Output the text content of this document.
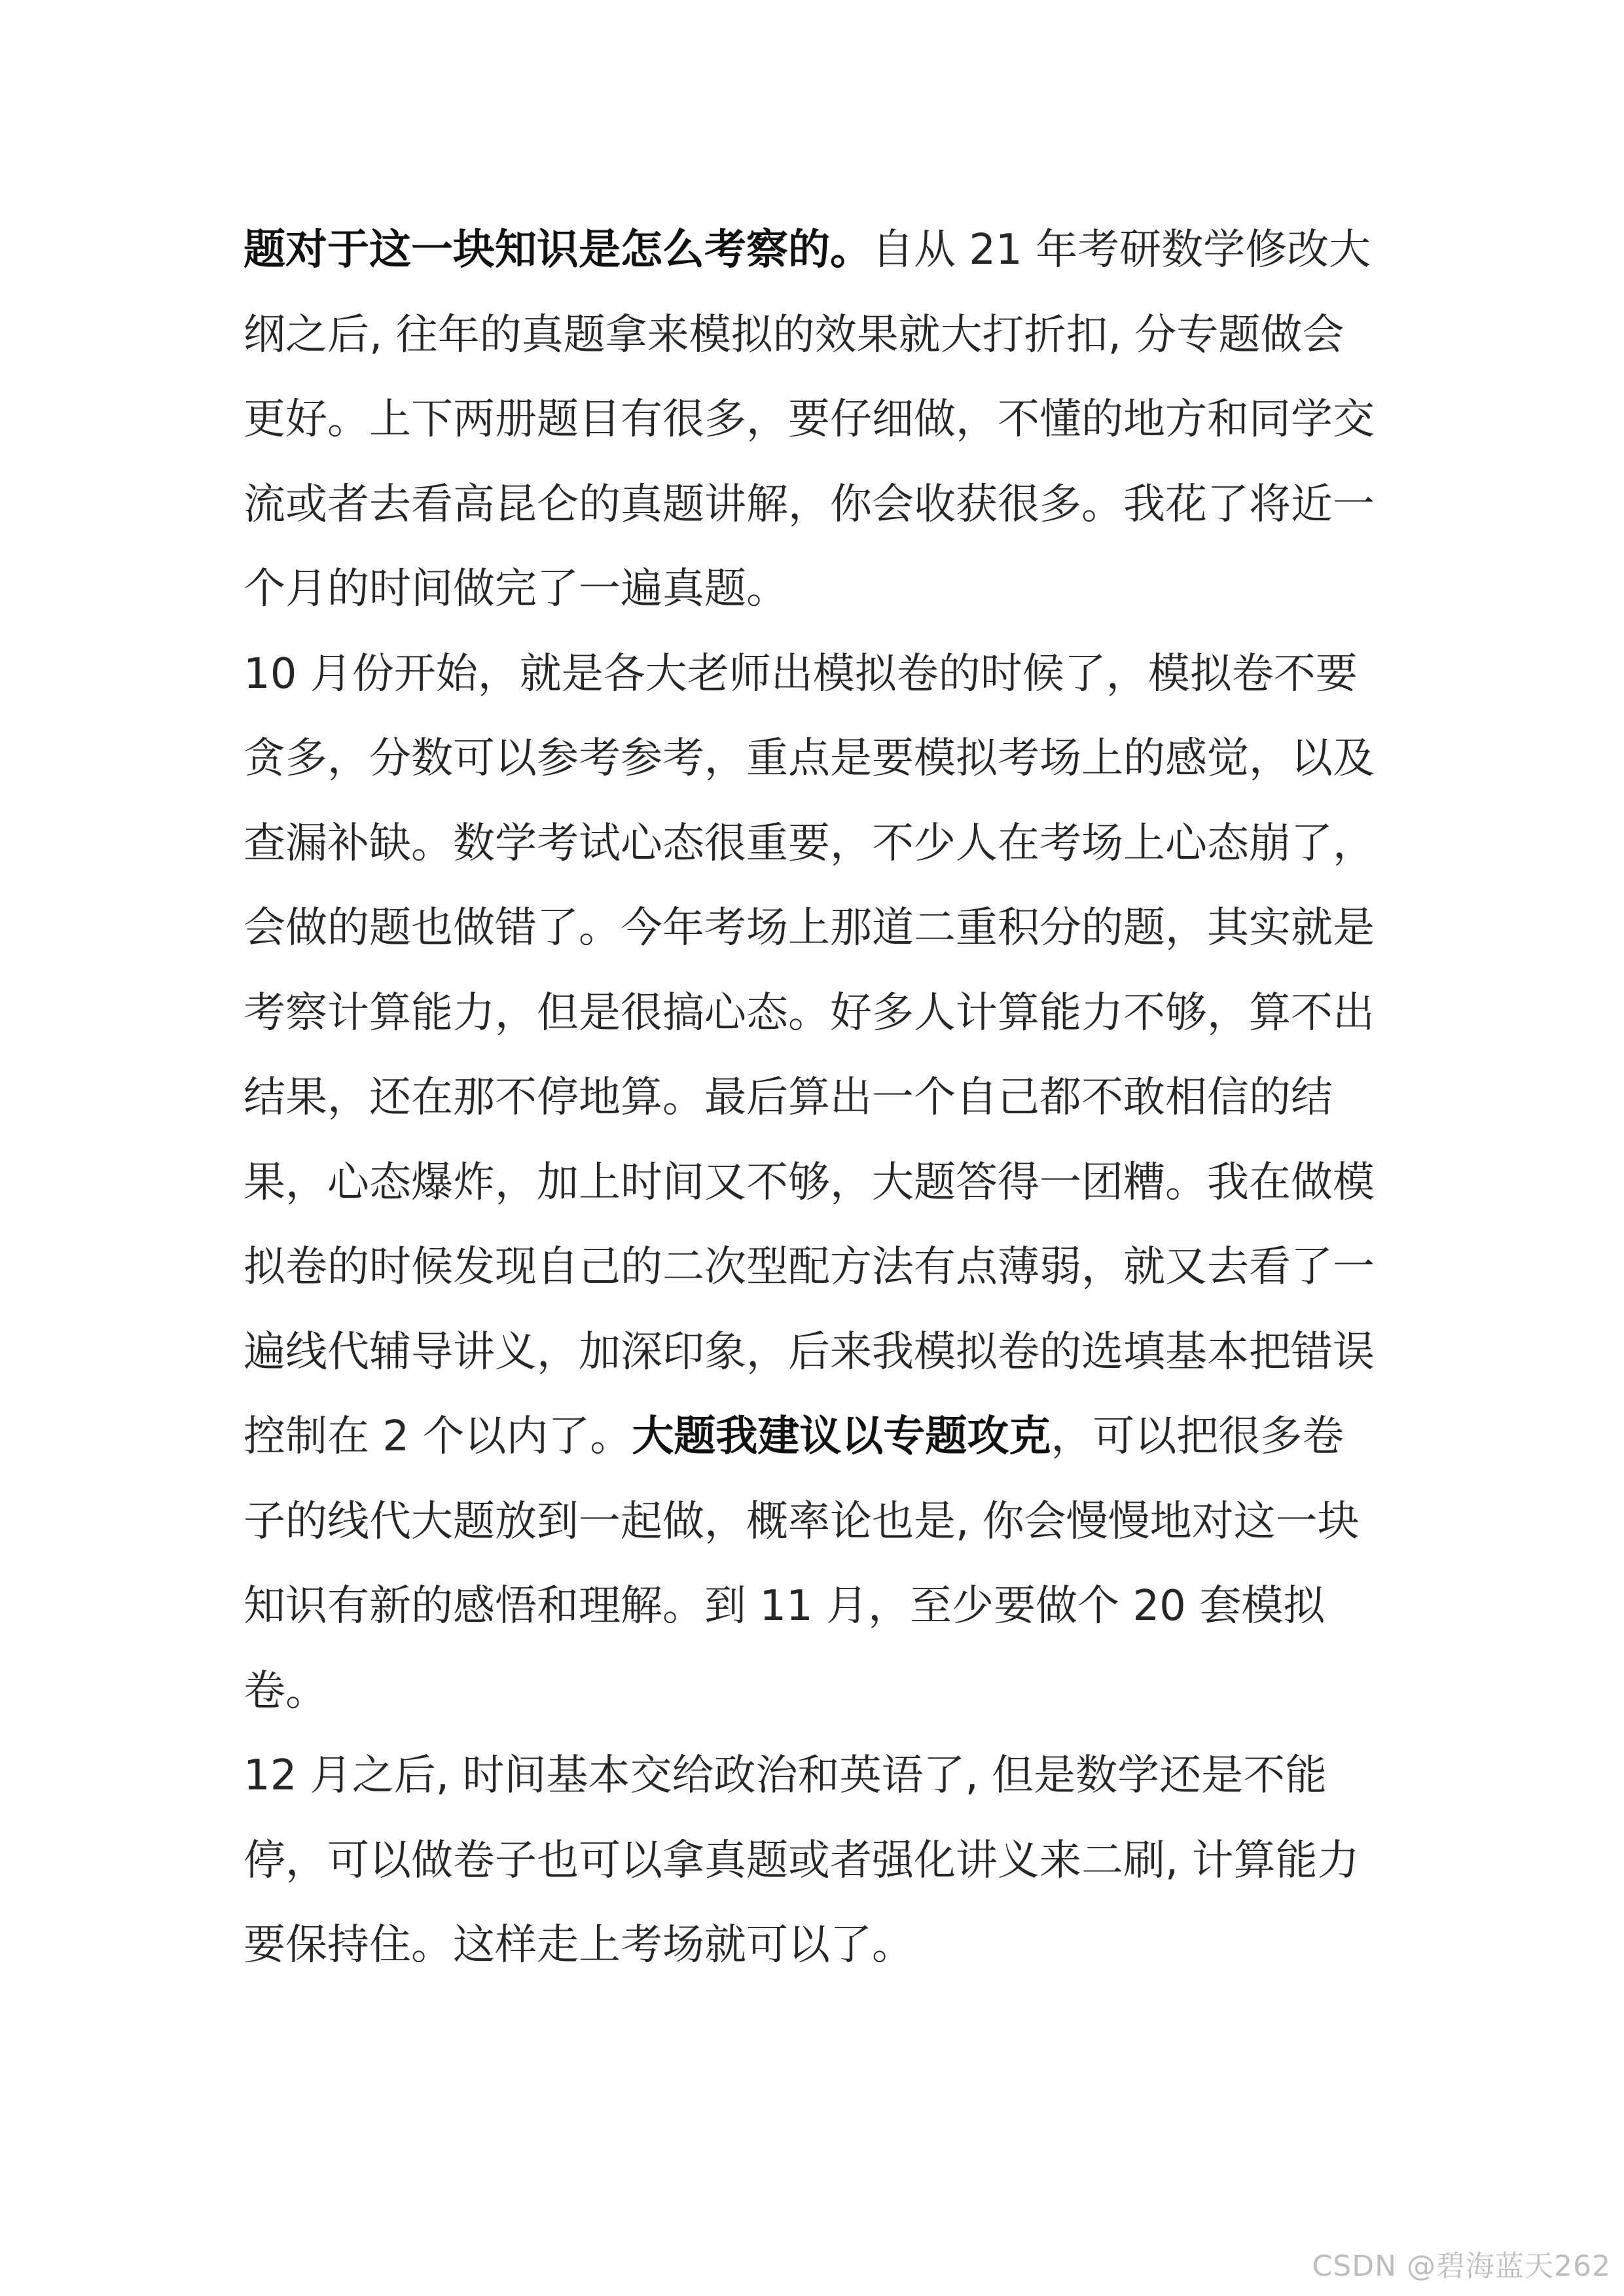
题对于这一块知识是怎么考察的。自从 21 年考研数学修改大纲之后, 往年的真题拿来模拟的效果就大打折扣, 分专题做会更好。上下两册题目有很多，要仔细做，不懂的地方和同学交流或者去看高昆仑的真题讲解，你会收获很多。我花了将近一个月的时间做完了一遍真题。

10 月份开始，就是各大老师出模拟卷的时候了，模拟卷不要贪多，分数可以参考参考，重点是要模拟考场上的感觉，以及查漏补缺。数学考试心态很重要，不少人在考场上心态崩了，会做的题也做错了。今年考场上那道二重积分的题，其实就是考察计算能力，但是很搞心态。好多人计算能力不够，算不出结果，还在那不停地算。最后算出一个自己都不敢相信的结果，心态爆炸，加上时间又不够，大题答得一团糟。我在做模拟卷的时候发现自己的二次型配方法有点薄弱，就又去看了一遍线代辅导讲义，加深印象，后来我模拟卷的选填基本把错误控制在 2 个以内了。大题我建议以专题攻克，可以把很多卷子的线代大题放到一起做，概率论也是, 你会慢慢地对这一块知识有新的感悟和理解。到 11 月，至少要做个 20 套模拟卷。

12 月之后, 时间基本交给政治和英语了, 但是数学还是不能停，可以做卷子也可以拿真题或者强化讲义来二刷, 计算能力要保持住。这样走上考场就可以了。

CSDN @碧海蓝天262
